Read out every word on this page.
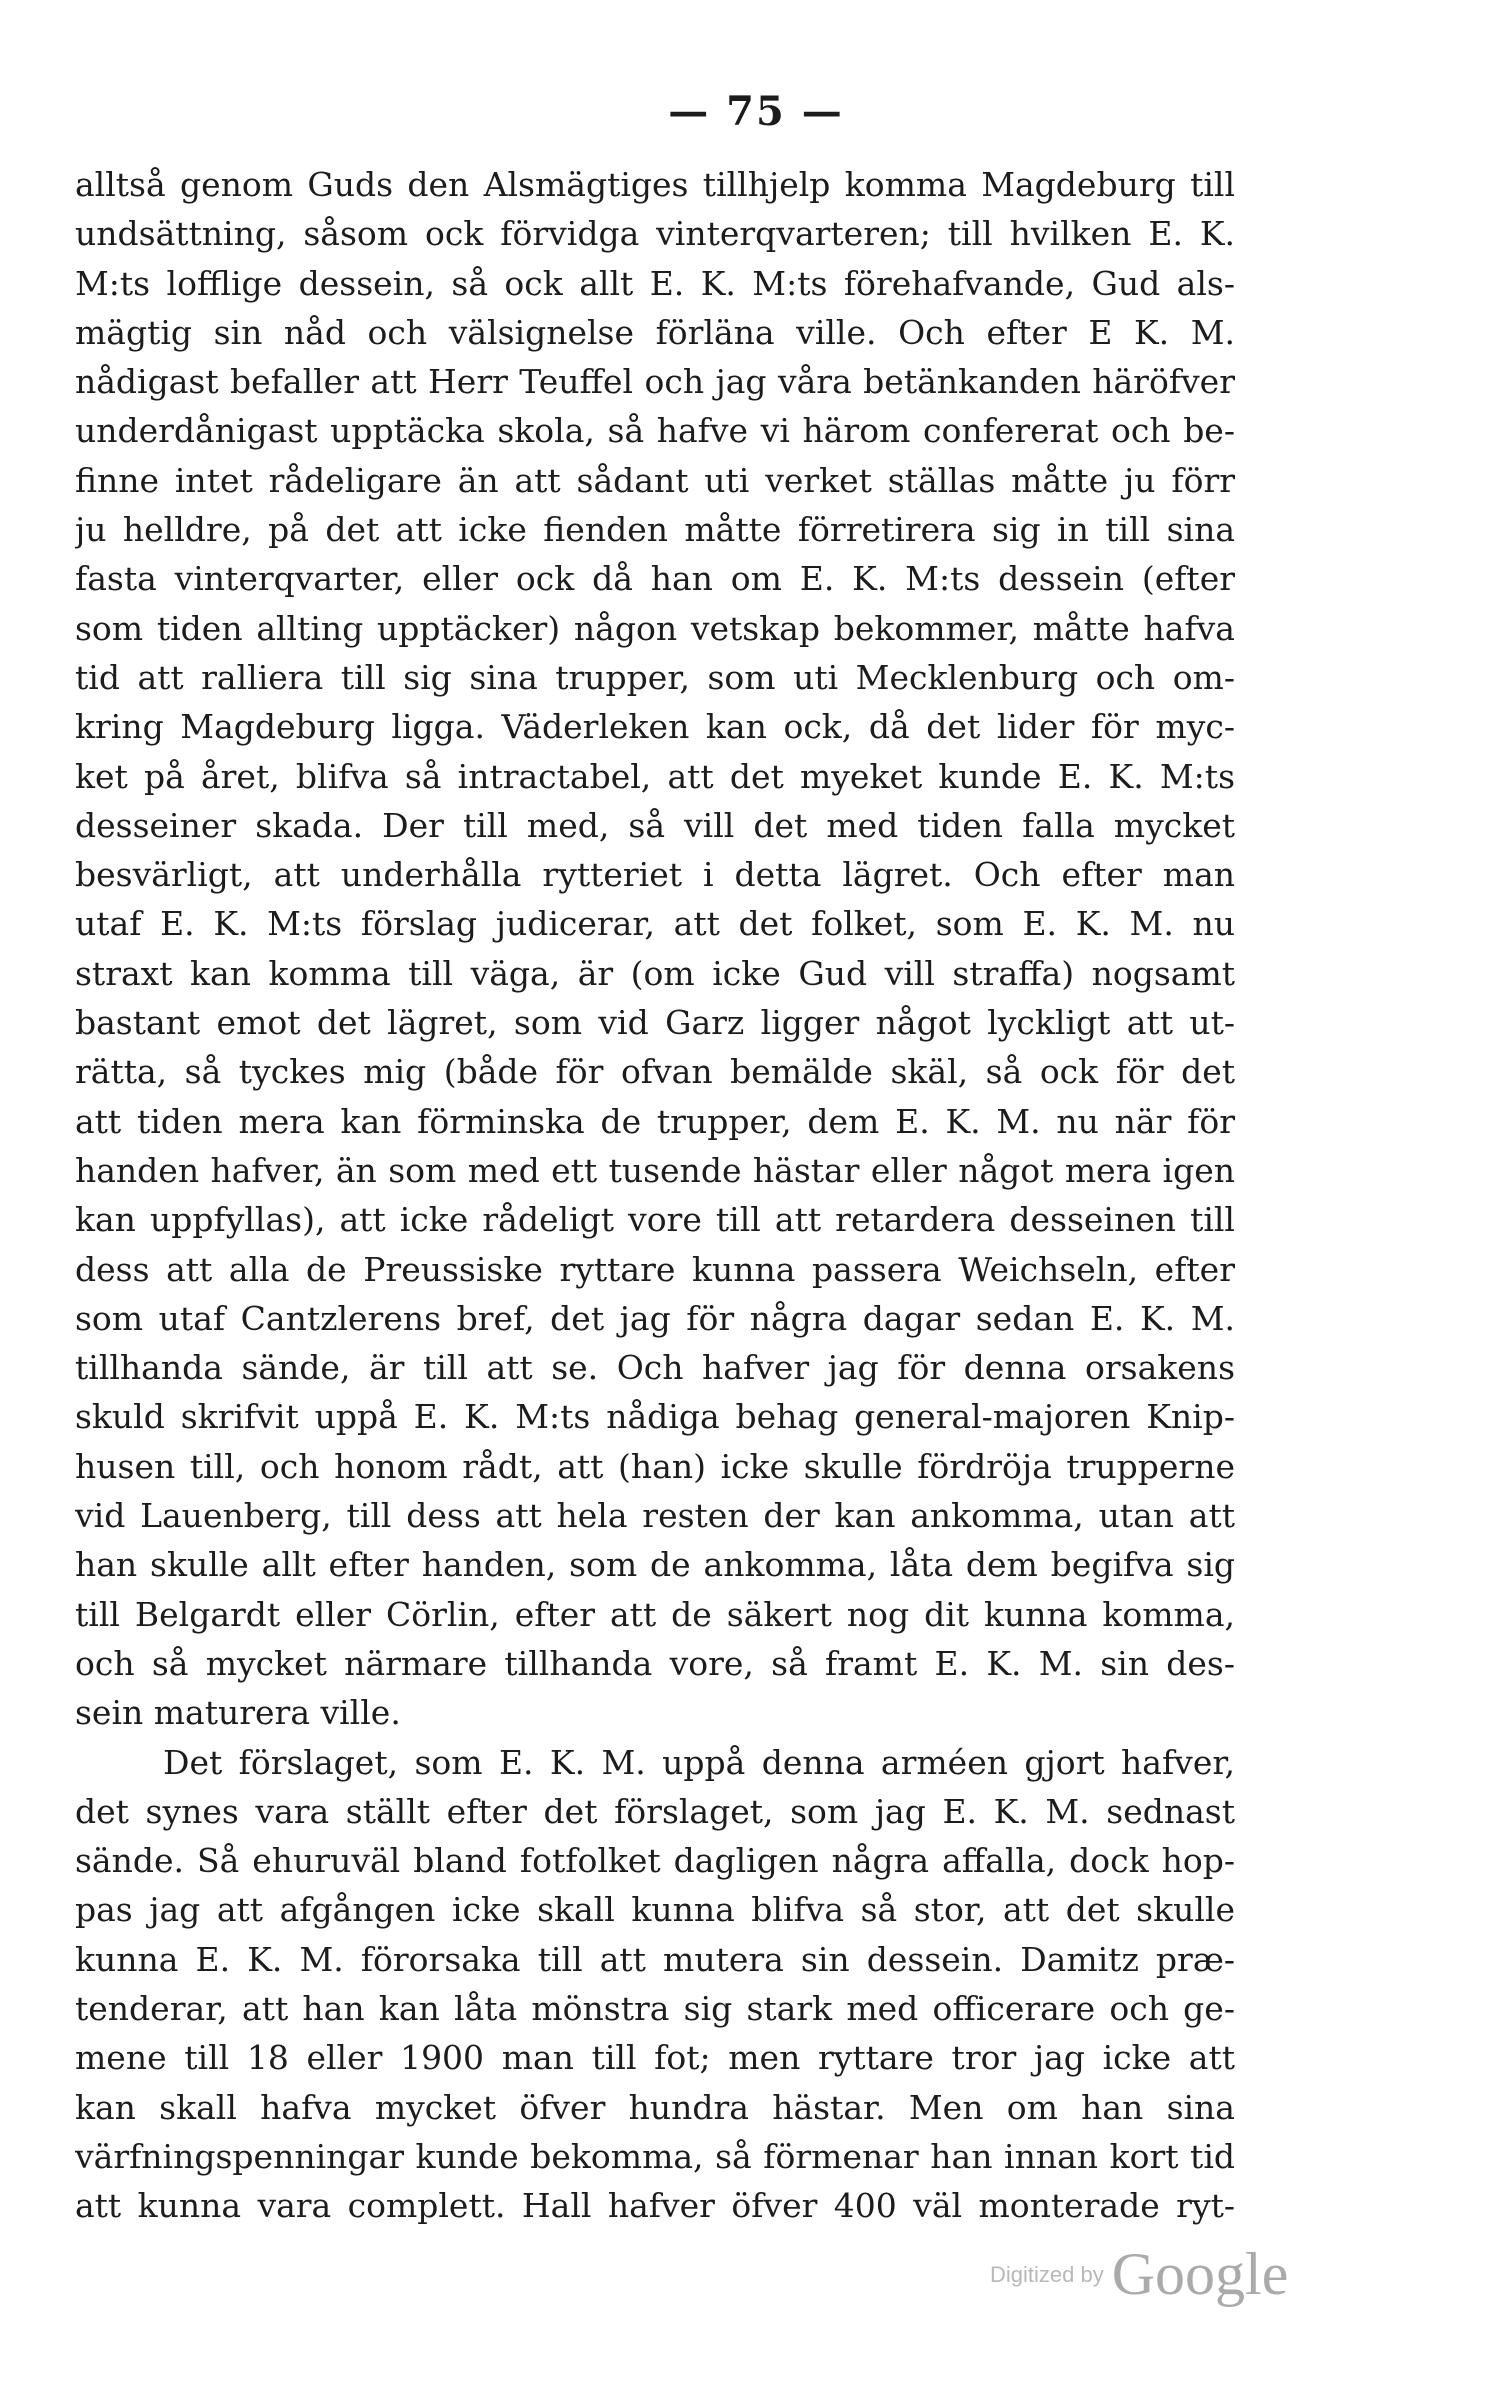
— 75 —
alltså genom Guds den Alsmägtiges tillhjelp komma Magdeburg till
undsättning, såsom ock förvidga vinterqvarteren; till hvilken E. K.
M:ts lofflige dessein, så ock allt E. K. M:ts förehafvande, Gud als-
mägtig sin nåd och välsignelse förläna ville. Och efter E K. M.
nådigast befaller att Herr Teuffel och jag våra betänkanden häröfver
underdånigast upptäcka skola, så hafve vi härom confererat och be-
finne intet rådeligare än att sådant uti verket ställas måtte ju förr
ju helldre, på det att icke fienden måtte förretirera sig in till sina
fasta vinterqvarter, eller ock då han om E. K. M:ts dessein (efter
som tiden allting upptäcker) någon vetskap bekommer, måtte hafva
tid att ralliera till sig sina trupper, som uti Mecklenburg och om-
kring Magdeburg ligga. Väderleken kan ock, då det lider för myc-
ket på året, blifva så intractabel, att det myeket kunde E. K. M:ts
desseiner skada. Der till med, så vill det med tiden falla mycket
besvärligt, att underhålla rytteriet i detta lägret. Och efter man
utaf E. K. M:ts förslag judicerar, att det folket, som E. K. M. nu
straxt kan komma till väga, är (om icke Gud vill straffa) nogsamt
bastant emot det lägret, som vid Garz ligger något lyckligt att ut-
rätta, så tyckes mig (både för ofvan bemälde skäl, så ock för det
att tiden mera kan förminska de trupper, dem E. K. M. nu när för
handen hafver, än som med ett tusende hästar eller något mera igen
kan uppfyllas), att icke rådeligt vore till att retardera desseinen till
dess att alla de Preussiske ryttare kunna passera Weichseln, efter
som utaf Cantzlerens bref, det jag för några dagar sedan E. K. M.
tillhanda sände, är till att se. Och hafver jag för denna orsakens
skuld skrifvit uppå E. K. M:ts nådiga behag general-majoren Knip-
husen till, och honom rådt, att (han) icke skulle fördröja trupperne
vid Lauenberg, till dess att hela resten der kan ankomma, utan att
han skulle allt efter handen, som de ankomma, låta dem begifva sig
till Belgardt eller Cörlin, efter att de säkert nog dit kunna komma,
och så mycket närmare tillhanda vore, så framt E. K. M. sin des-
sein maturera ville.
Det förslaget, som E. K. M. uppå denna arméen gjort hafver,
det synes vara ställt efter det förslaget, som jag E. K. M. sednast
sände. Så ehuruväl bland fotfolket dagligen några affalla, dock hop-
pas jag att afgången icke skall kunna blifva så stor, att det skulle
kunna E. K. M. förorsaka till att mutera sin dessein. Damitz præ-
tenderar, att han kan låta mönstra sig stark med officerare och ge-
mene till 18 eller 1900 man till fot; men ryttare tror jag icke att
kan skall hafva mycket öfver hundra hästar. Men om han sina
värfningspenningar kunde bekomma, så förmenar han innan kort tid
att kunna vara complett. Hall hafver öfver 400 väl monterade ryt-
Digitized by Google
